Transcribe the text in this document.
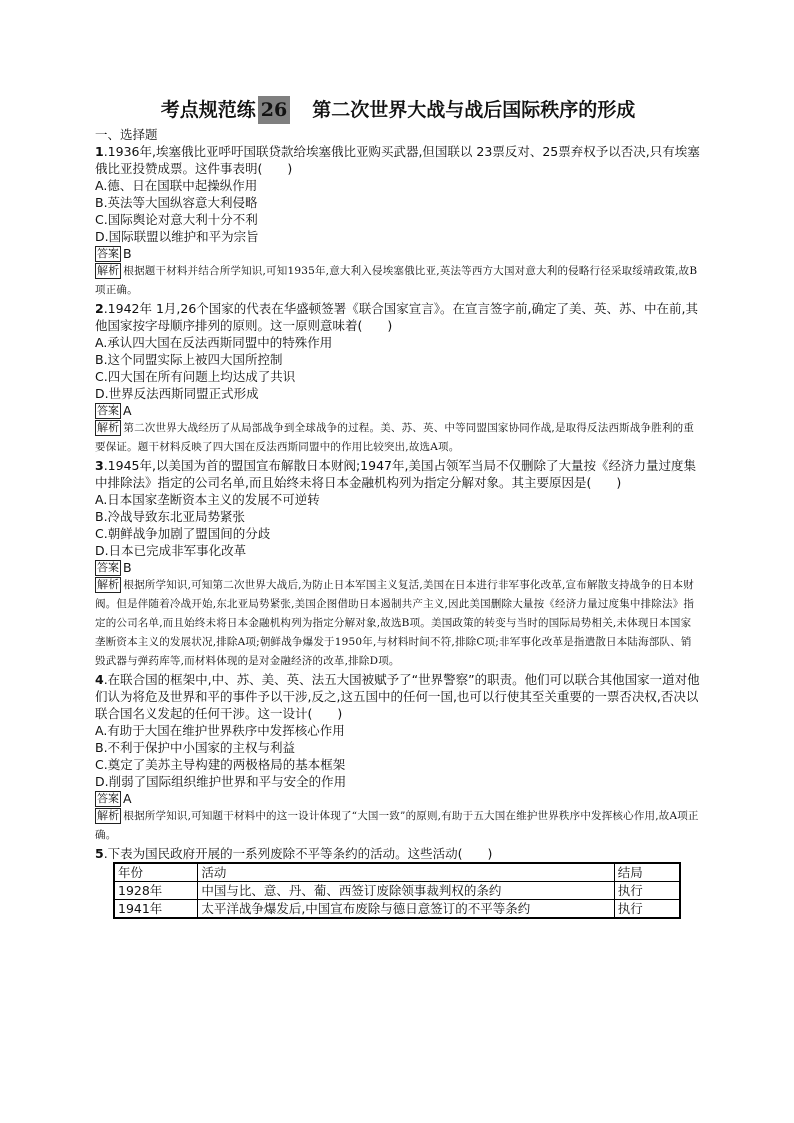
考点规范练 26 第二次世界大战与战后国际秩序的形成
一、选择题

1.1936年,埃塞俄比亚呼吁国联贷款给埃塞俄比亚购买武器,但国联以 23票反对、25票弃权予以否决,只有埃塞俄比亚投赞成票。这件事表明(　　)

A.德、日在国联中起操纵作用
B.英法等大国纵容意大利侵略
C.国际舆论对意大利十分不利
D.国际联盟以维护和平为宗旨
答案 B
解析 根据题干材料并结合所学知识,可知1935年,意大利入侵埃塞俄比亚,英法等西方大国对意大利的侵略行径采取绥靖政策,故B项正确。

2.1942年 1月,26个国家的代表在华盛顿签署《联合国家宣言》。在宣言签字前,确定了美、英、苏、中在前,其他国家按字母顺序排列的原则。这一原则意味着(　　)

A.承认四大国在反法西斯同盟中的特殊作用
B.这个同盟实际上被四大国所控制
C.四大国在所有问题上均达成了共识
D.世界反法西斯同盟正式形成
答案 A
解析 第二次世界大战经历了从局部战争到全球战争的过程。美、苏、英、中等同盟国家协同作战,是取得反法西斯战争胜利的重要保证。题干材料反映了四大国在反法西斯同盟中的作用比较突出,故选A项。

3.1945年,以美国为首的盟国宣布解散日本财阀;1947年,美国占领军当局不仅删除了大量按《经济力量过度集中排除法》指定的公司名单,而且始终未将日本金融机构列为指定分解对象。其主要原因是(　　)

A.日本国家垄断资本主义的发展不可逆转
B.冷战导致东北亚局势紧张
C.朝鲜战争加剧了盟国间的分歧
D.日本已完成非军事化改革
答案 B
解析 根据所学知识,可知第二次世界大战后,为防止日本军国主义复活,美国在日本进行非军事化改革,宣布解散支持战争的日本财阀。但是伴随着冷战开始,东北亚局势紧张,美国企图借助日本遏制共产主义,因此美国删除大量按《经济力量过度集中排除法》指定的公司名单,而且始终未将日本金融机构列为指定分解对象,故选B项。美国政策的转变与当时的国际局势相关,未体现日本国家垄断资本主义的发展状况,排除A项;朝鲜战争爆发于1950年,与材料时间不符,排除C项;非军事化改革是指遣散日本陆海部队、销毁武器与弹药库等,而材料体现的是对金融经济的改革,排除D项。

4.在联合国的框架中,中、苏、美、英、法五大国被赋予了“世界警察”的职责。他们可以联合其他国家一道对他们认为将危及世界和平的事件予以干涉,反之,这五国中的任何一国,也可以行使其至关重要的一票否决权,否决以联合国名义发起的任何干涉。这一设计(　　)

A.有助于大国在维护世界秩序中发挥核心作用
B.不利于保护中小国家的主权与利益
C.奠定了美苏主导构建的两极格局的基本框架
D.削弱了国际组织维护世界和平与安全的作用
答案 A
解析 根据所学知识,可知题干材料中的这一设计体现了“大国一致”的原则,有助于五大国在维护世界秩序中发挥核心作用,故A项正确。

5.下表为国民政府开展的一系列废除不平等条约的活动。这些活动(　　)

年份	活动	结局
1928年	中国与比、意、丹、葡、西签订废除领事裁判权的条约	执行
1941年	太平洋战争爆发后,中国宣布废除与德日意签订的不平等条约	执行
